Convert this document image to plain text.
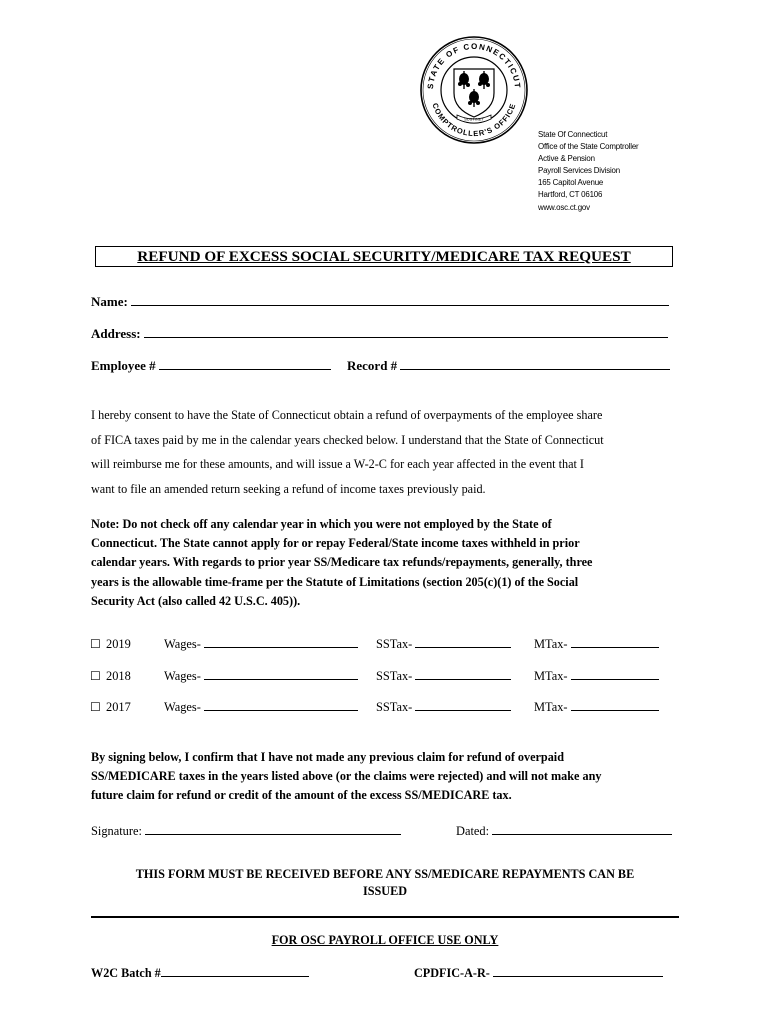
STATE OF CONNECTICUT
COMPTROLLER'S OFFICE
SUSTINET
State Of Connecticut
Office of the State Comptroller
Active & Pension
Payroll Services Division
165 Capitol Avenue
Hartford, CT 06106
www.osc.ct.gov
REFUND OF EXCESS SOCIAL SECURITY/MEDICARE TAX REQUEST
Name:
Address:
Employee #	Record #
I hereby consent to have the State of Connecticut obtain a refund of overpayments of the employee share
of FICA taxes paid by me in the calendar years checked below. I understand that the State of Connecticut
will reimburse me for these amounts, and will issue a W-2-C for each year affected in the event that I
want to file an amended return seeking a refund of income taxes previously paid.
Note: Do not check off any calendar year in which you were not employed by the State of
Connecticut. The State cannot apply for or repay Federal/State income taxes withheld in prior
calendar years. With regards to prior year SS/Medicare tax refunds/repayments, generally, three
years is the allowable time-frame per the Statute of Limitations (section 205(c)(1) of the Social
Security Act (also called 42 U.S.C. 405)).
☐ 2019	Wages-	SSTax-	MTax-
☐ 2018	Wages-	SSTax-	MTax-
☐ 2017	Wages-	SSTax-	MTax-
By signing below, I confirm that I have not made any previous claim for refund of overpaid
SS/MEDICARE taxes in the years listed above (or the claims were rejected) and will not make any
future claim for refund or credit of the amount of the excess SS/MEDICARE tax.
Signature:	Dated:
THIS FORM MUST BE RECEIVED BEFORE ANY SS/MEDICARE REPAYMENTS CAN BE
ISSUED
FOR OSC PAYROLL OFFICE USE ONLY
W2C Batch #	CPDFIC-A-R-
